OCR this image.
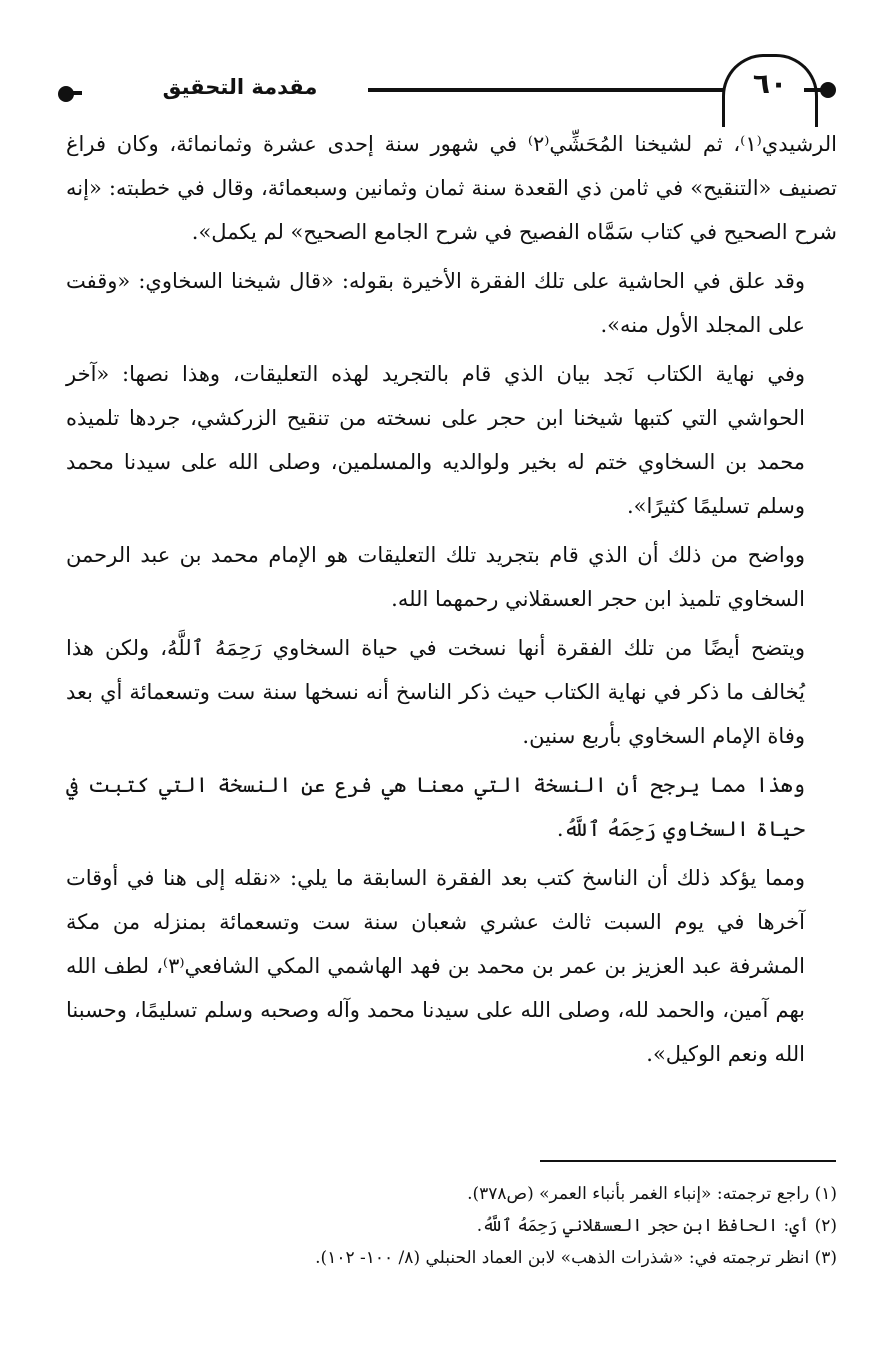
مقدمة التحقيق	٦٠

الرشيدي⁽١⁾، ثم لشيخنا المُحَشِّي⁽٢⁾ في شهور سنة إحدى عشرة وثمانمائة، وكان فراغ تصنيف «التنقيح» في ثامن ذي القعدة سنة ثمان وثمانين وسبعمائة، وقال في خطبته: «إنه شرح الصحيح في كتاب سَمَّاه الفصيح في شرح الجامع الصحيح» لم يكمل».

وقد علق في الحاشية على تلك الفقرة الأخيرة بقوله: «قال شيخنا السخاوي: «وقفت على المجلد الأول منه».

وفي نهاية الكتاب نَجد بيان الذي قام بالتجريد لهذه التعليقات، وهذا نصها: «آخر الحواشي التي كتبها شيخنا ابن حجر على نسخته من تنقيح الزركشي، جردها تلميذه محمد بن السخاوي ختم له بخير ولوالديه والمسلمين، وصلى الله على سيدنا محمد وسلم تسليمًا كثيرًا».

وواضح من ذلك أن الذي قام بتجريد تلك التعليقات هو الإمام محمد بن عبد الرحمن السخاوي تلميذ ابن حجر العسقلاني رحمهما الله.

ويتضح أيضًا من تلك الفقرة أنها نسخت في حياة السخاوي رَحِمَهُ ٱللَّهُ، ولكن هذا يُخالف ما ذكر في نهاية الكتاب حيث ذكر الناسخ أنه نسخها سنة ست وتسعمائة أي بعد وفاة الإمام السخاوي بأربع سنين.

وهذا مما يرجح أن النسخة التي معنا هي فرع عن النسخة التي كتبت في حياة السخاوي رَحِمَهُ ٱللَّهُ.

ومما يؤكد ذلك أن الناسخ كتب بعد الفقرة السابقة ما يلي: «نقله إلى هنا في أوقات آخرها في يوم السبت ثالث عشري شعبان سنة ست وتسعمائة بمنزله من مكة المشرفة عبد العزيز بن عمر بن محمد بن فهد الهاشمي المكي الشافعي⁽٣⁾، لطف الله بهم آمين، والحمد لله، وصلى الله على سيدنا محمد وآله وصحبه وسلم تسليمًا، وحسبنا الله ونعم الوكيل».

(١) راجع ترجمته: «إنباء الغمر بأنباء العمر» (ص٣٧٨).

(٢) أي: الحافظ ابن حجر العسقلاني رَحِمَهُ ٱللَّهُ.

(٣) انظر ترجمته في: «شذرات الذهب» لابن العماد الحنبلي (٨/ ١٠٠- ١٠٢).
